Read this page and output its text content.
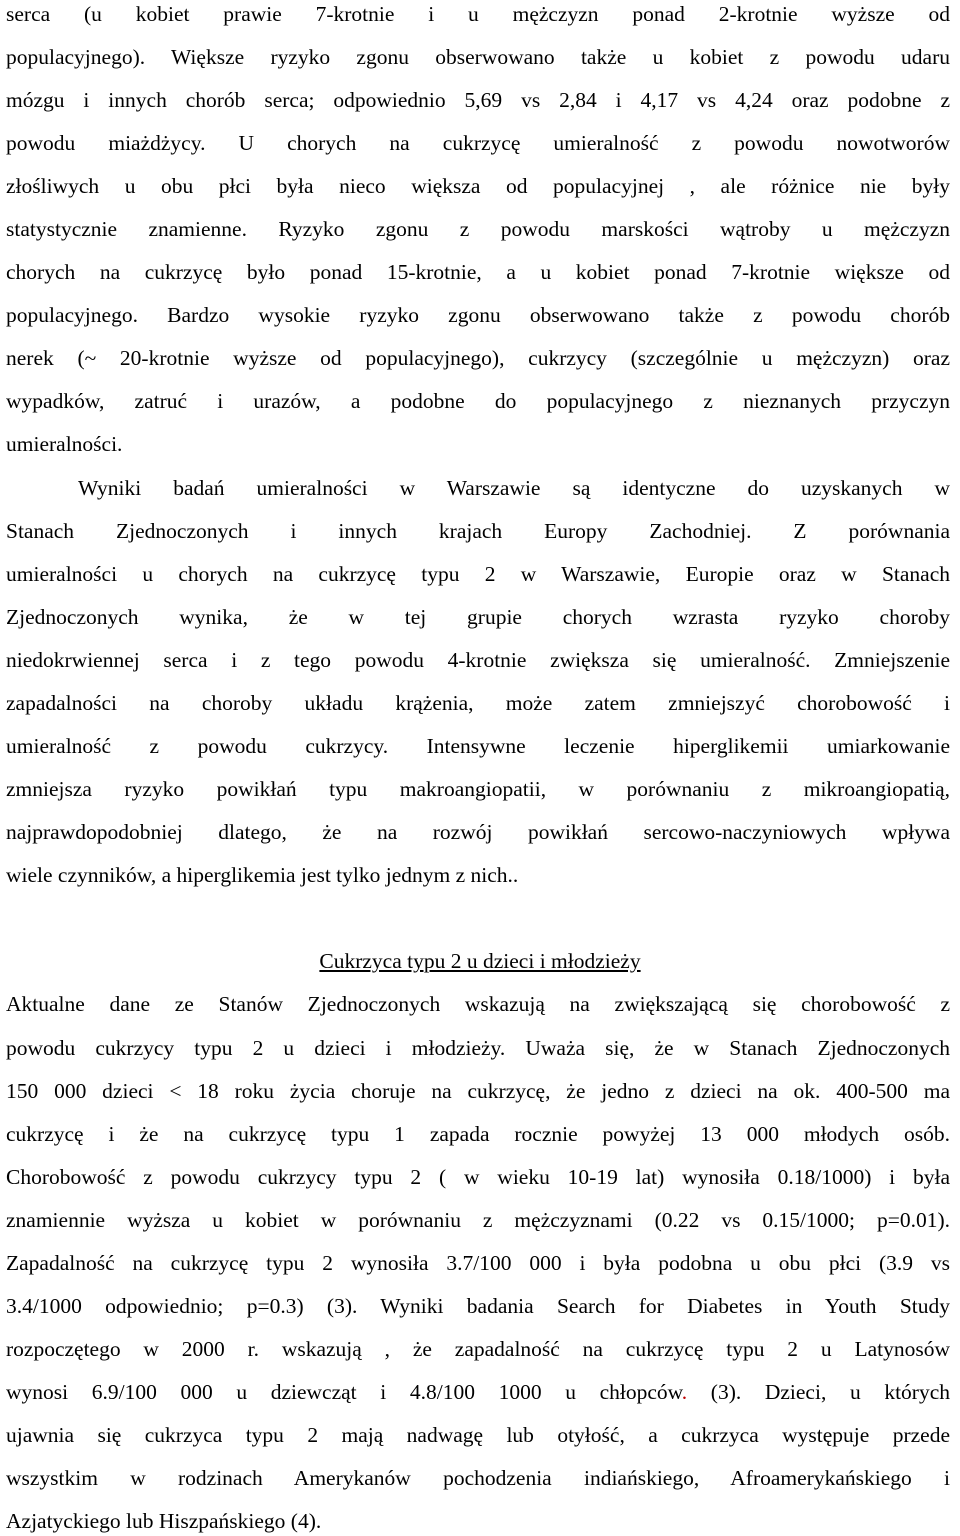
serca (u kobiet prawie 7-krotnie i u mężczyzn ponad 2-krotnie wyższe od
populacyjnego). Większe ryzyko zgonu obserwowano także u kobiet z powodu udaru
mózgu i innych chorób serca; odpowiednio 5,69 vs 2,84 i 4,17 vs 4,24 oraz podobne z
powodu miażdżycy. U chorych na cukrzycę umieralność z powodu nowotworów
złośliwych u obu płci była nieco większa od populacyjnej , ale różnice nie były
statystycznie znamienne. Ryzyko zgonu z powodu marskości wątroby u mężczyzn
chorych na cukrzycę było ponad 15-krotnie, a u kobiet ponad 7-krotnie większe od
populacyjnego. Bardzo wysokie ryzyko zgonu obserwowano także z powodu chorób
nerek (~ 20-krotnie wyższe od populacyjnego), cukrzycy (szczególnie u mężczyzn) oraz
wypadków, zatruć i urazów, a podobne do populacyjnego z nieznanych przyczyn
umieralności.
Wyniki badań umieralności w Warszawie są identyczne do uzyskanych w
Stanach Zjednoczonych i innych krajach Europy Zachodniej. Z porównania
umieralności u chorych na cukrzycę typu 2 w Warszawie, Europie oraz w Stanach
Zjednoczonych wynika, że w tej grupie chorych wzrasta ryzyko choroby
niedokrwiennej serca i z tego powodu 4-krotnie zwiększa się umieralność. Zmniejszenie
zapadalności na choroby układu krążenia, może zatem zmniejszyć chorobowość i
umieralność z powodu cukrzycy. Intensywne leczenie hiperglikemii umiarkowanie
zmniejsza ryzyko powikłań typu makroangiopatii, w porównaniu z mikroangiopatią,
najprawdopodobniej dlatego, że na rozwój powikłań sercowo-naczyniowych wpływa
wiele czynników, a hiperglikemia jest tylko jednym z nich..
Cukrzyca typu 2 u dzieci i młodzieży
Aktualne dane ze Stanów Zjednoczonych wskazują na zwiększającą się chorobowość z
powodu cukrzycy typu 2 u dzieci i młodzieży. Uważa się, że w Stanach Zjednoczonych
150 000 dzieci < 18 roku życia choruje na cukrzycę, że jedno z dzieci na ok. 400-500 ma
cukrzycę i że na cukrzycę typu 1 zapada rocznie powyżej 13 000 młodych osób.
Chorobowość z powodu cukrzycy typu 2 ( w wieku 10-19 lat) wynosiła 0.18/1000) i była
znamiennie wyższa u kobiet w porównaniu z mężczyznami (0.22 vs 0.15/1000; p=0.01).
Zapadalność na cukrzycę typu 2 wynosiła 3.7/100 000 i była podobna u obu płci (3.9 vs
3.4/1000 odpowiednio; p=0.3) (3). Wyniki badania Search for Diabetes in Youth Study
rozpoczętego w 2000 r. wskazują , że zapadalność na cukrzycę typu 2 u Latynosów
wynosi 6.9/100 000 u dziewcząt i 4.8/100 1000 u chłopców. (3). Dzieci, u których
ujawnia się cukrzyca typu 2 mają nadwagę lub otyłość, a cukrzyca występuje przede
wszystkim w rodzinach Amerykanów pochodzenia indiańskiego, Afroamerykańskiego i
Azjatyckiego lub Hiszpańskiego (4).
